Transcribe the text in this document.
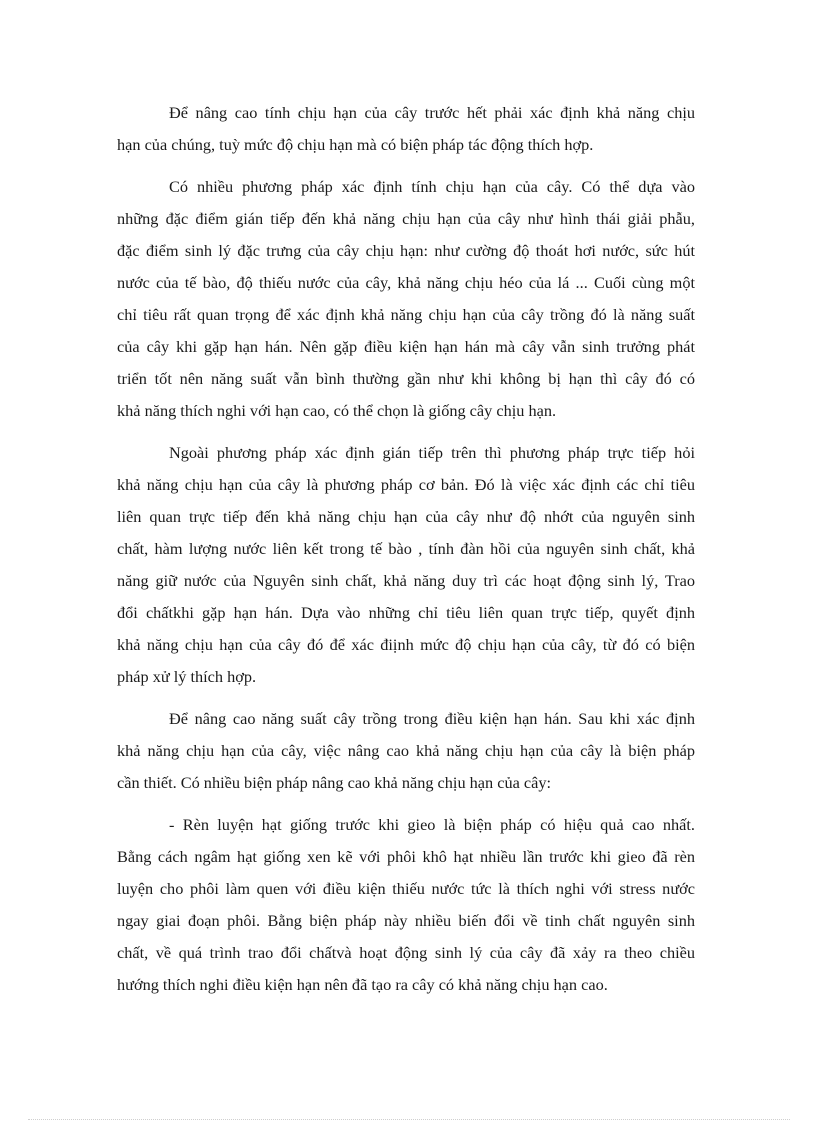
Để nâng cao tính chịu hạn của cây trước hết phải xác định khả năng chịu
hạn của chúng, tuỳ mức độ chịu hạn mà có biện pháp tác động thích hợp.
Có nhiều phương pháp xác định tính chịu hạn của cây. Có thể dựa vào
những đặc điểm gián tiếp đến khả năng chịu hạn của cây như hình thái giải phẫu,
đặc điểm sinh lý đặc trưng của cây chịu hạn: như cường độ thoát hơi nước, sức hút
nước của tế bào, độ thiếu nước của cây, khả năng chịu héo của lá ... Cuối cùng một
chỉ tiêu rất quan trọng để xác định khả năng chịu hạn của cây trồng đó là năng suất
của cây khi gặp hạn hán. Nên gặp điều kiện hạn hán mà cây vẫn sinh trưởng phát
triển tốt nên năng suất vẫn bình thường gần như khi không bị hạn thì cây đó có
khả năng thích nghi với hạn cao, có thể chọn là giống cây chịu hạn.
Ngoài phương pháp xác định gián tiếp trên thì phương pháp trực tiếp hỏi
khả năng chịu hạn của cây là phương pháp cơ bản. Đó là việc xác định các chỉ tiêu
liên quan trực tiếp đến khả năng chịu hạn của cây như độ nhớt của nguyên sinh
chất, hàm lượng nước liên kết trong tế bào , tính đàn hồi của nguyên sinh chất, khả
năng giữ nước của Nguyên sinh chất, khả năng duy trì các hoạt động sinh lý, Trao
đổi chấtkhi gặp hạn hán. Dựa vào những chỉ tiêu liên quan trực tiếp, quyết định
khả năng chịu hạn của cây đó để xác điịnh mức độ chịu hạn của cây, từ đó có biện
pháp xử lý thích hợp.
Để nâng cao năng suất cây trồng trong điều kiện hạn hán. Sau khi xác định
khả năng chịu hạn của cây, việc nâng cao khả năng chịu hạn của cây là biện pháp
cần thiết. Có nhiều biện pháp nâng cao khả năng chịu hạn của cây:
- Rèn luyện hạt giống trước khi gieo là biện pháp có hiệu quả cao nhất.
Bằng cách ngâm hạt giống xen kẽ với phôi khô hạt nhiều lần trước khi gieo đã rèn
luyện cho phôi làm quen với điều kiện thiếu nước tức là thích nghi với stress nước
ngay giai đoạn phôi. Bằng biện pháp này nhiều biến đổi về tinh chất nguyên sinh
chất, về quá trình trao đổi chấtvà hoạt động sinh lý của cây đã xảy ra theo chiều
hướng thích nghi điều kiện hạn nên đã tạo ra cây có khả năng chịu hạn cao.
